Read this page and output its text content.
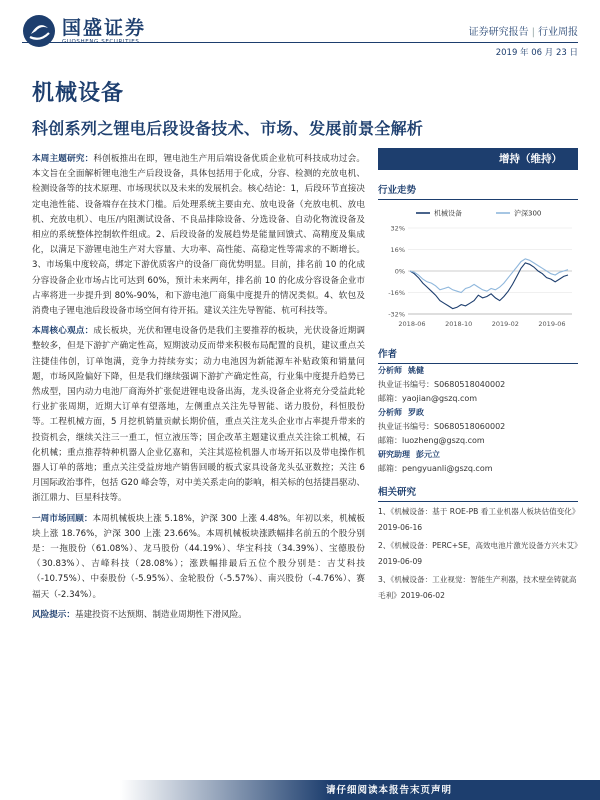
国盛证券
GUOSHENG SECURITIES
证券研究报告 | 行业周报
2019 年 06 月 23 日
机械设备
科创系列之锂电后段设备技术、市场、发展前景全解析

本周主题研究：科创板推出在即，锂电池生产用后端设备优质企业杭可科技成功过会。本文旨在全面解析锂电池生产后段设备，具体包括用于化成，分容、检测的充放电机、检测设备等的技术原理、市场现状以及未来的发展机会。核心结论：1，后段环节直接决定电池性能、设备端存在技术门槛。后处理系统主要由充、放电设备（充放电机、放电机、充放电机）、电压/内阻测试设备、不良品排除设备、分选设备、自动化物流设备及相应的系统整体控制软件组成。2、后段设备的发展趋势是能量回馈式、高精度及集成化，以满足下游锂电池生产对大容量、大功率、高性能、高稳定性等需求的不断增长。3、市场集中度较高，绑定下游优质客户的设备厂商优势明显。目前，排名前 10 的化成分容设备企业市场占比可达到 60%，预计未来两年，排名前 10 的化成分容设备企业市占率将进一步提升到 80%-90%，和下游电池厂商集中度提升的情况类似。4、软包及消费电子锂电池后段设备市场空间有待开拓。建议关注先导智能、杭可科技等。

本周核心观点：成长板块，光伏和锂电设备仍是我们主要推荐的板块，光伏设备近期调整较多，但是下游扩产确定性高，短期波动反而带来积极布局配置的良机，建议重点关注捷佳伟创，订单饱满，竞争力持续夯实；动力电池因为新能源车补贴政策和销量问题，市场风险偏好下降，但是我们继续强调下游扩产确定性高，行业集中度提升趋势已然成型，国内动力电池厂商海外扩张促进锂电设备出海，龙头设备企业将充分受益此轮行业扩张周期，近期大订单有望落地，左侧重点关注先导智能、诺力股份，科恒股份等。工程机械方面，5 月挖机销量贡献长期价值，重点关注龙头企业市占率提升带来的投资机会，继续关注三一重工，恒立液压等；国企改革主题建议重点关注徐工机械，石化机械；重点推荐特种机器人企业亿嘉和，关注其巡检机器人市场开拓以及带电操作机器人订单的落地；重点关注受益房地产销售回暖的板式家具设备龙头弘亚数控；关注 6 月国际政治事件，包括 G20 峰会等，对中美关系走向的影响，相关标的包括捷昌驱动、浙江鼎力、巨星科技等。

一周市场回顾：本周机械板块上涨 5.18%，沪深 300 上涨 4.48%。年初以来，机械板块上涨 18.76%，沪深 300 上涨 23.66%。本周机械板块涨跌幅排名前五的个股分别是：一拖股份（61.08%）、龙马股份（44.19%）、华宝科技（34.39%）、宝德股份（30.83%）、吉峰科技（28.08%）；涨跌幅排最后五位个股分别是：吉艾科技（-10.75%）、中泰股份（-5.95%）、金轮股份（-5.57%）、南兴股份（-4.76%）、赛福天（-2.34%）。

风险提示：基建投资不达预期、制造业周期性下滑风险。

增持（维持）
行业走势
32%
16%
0%
-16%
-32%
2018-06	2018-10	2019-02	2019-06
机械设备	沪深300
作者
分析师 姚健
执业证书编号：S0680518040002
邮箱：yaojian@gszq.com
分析师 罗政
执业证书编号：S0680518060002
邮箱：luozheng@gszq.com
研究助理 彭元立
邮箱：pengyuanli@gszq.com
相关研究
1、《机械设备：基于 ROE-PB 看工业机器人板块估值变化》2019-06-16
2、《机械设备：PERC+SE，高效电池片激光设备方兴未艾》2019-06-09
3、《机械设备：工业视觉：智能生产利器，技术壁垒铸就高毛利》2019-06-02
请仔细阅读本报告末页声明
